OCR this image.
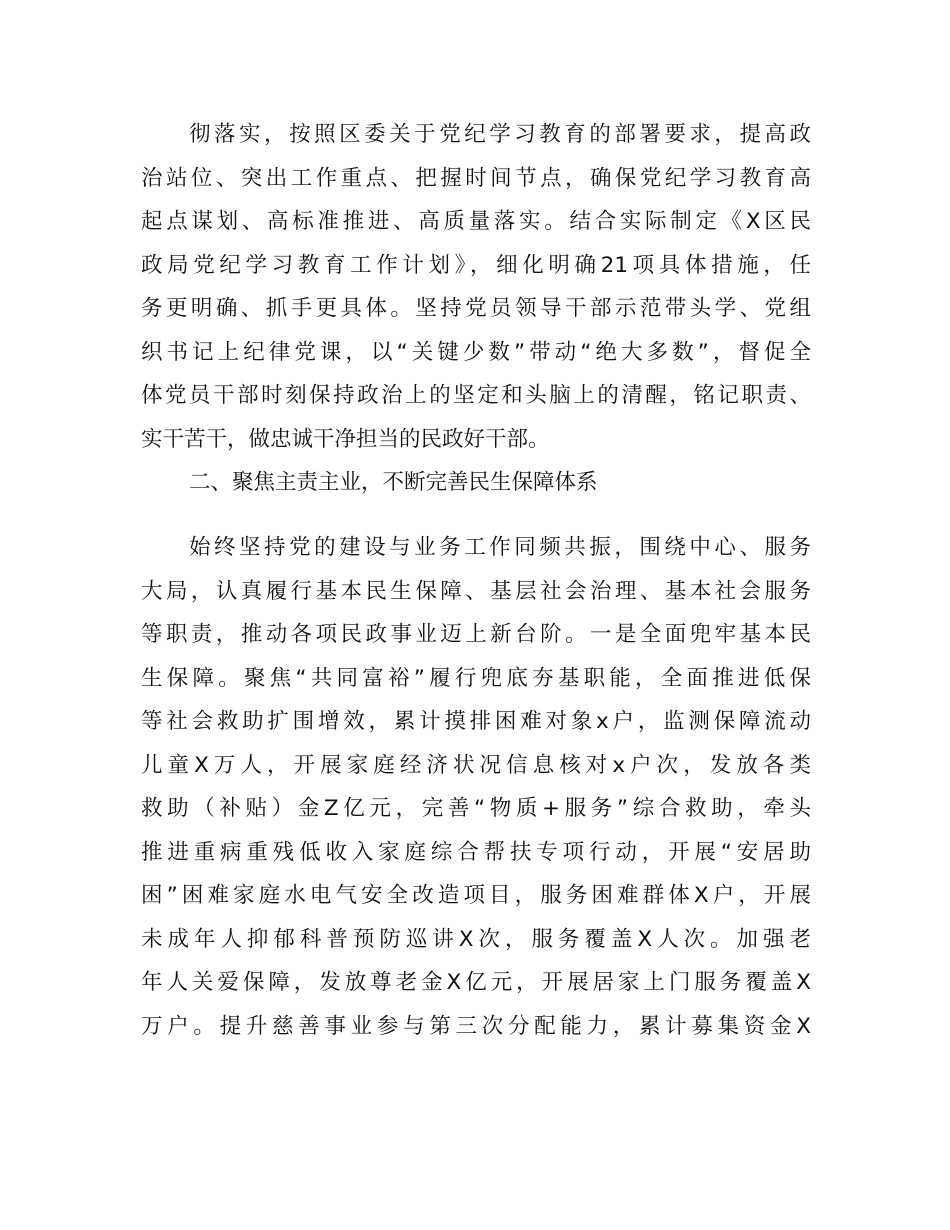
彻落实，按照区委关于党纪学习教育的部署要求，提高政
治站位、突出工作重点、把握时间节点，确保党纪学习教育高
起点谋划、高标准推进、高质量落实。结合实际制定《X区民
政局党纪学习教育工作计划》，细化明确21项具体措施，任
务更明确、抓手更具体。坚持党员领导干部示范带头学、党组
织书记上纪律党课，以“关键少数”带动“绝大多数”，督促全
体党员干部时刻保持政治上的坚定和头脑上的清醒，铭记职责、
实干苦干，做忠诚干净担当的民政好干部。
二、聚焦主责主业，不断完善民生保障体系
始终坚持党的建设与业务工作同频共振，围绕中心、服务
大局，认真履行基本民生保障、基层社会治理、基本社会服务
等职责，推动各项民政事业迈上新台阶。一是全面兜牢基本民
生保障。聚焦“共同富裕”履行兜底夯基职能，全面推进低保
等社会救助扩围增效，累计摸排困难对象x户，监测保障流动
儿童X万人，开展家庭经济状况信息核对x户次，发放各类
救助（补贴）金Z亿元，完善“物质+服务”综合救助，牵头
推进重病重残低收入家庭综合帮扶专项行动，开展“安居助
困”困难家庭水电气安全改造项目，服务困难群体X户，开展
未成年人抑郁科普预防巡讲X次，服务覆盖X人次。加强老
年人关爱保障，发放尊老金X亿元，开展居家上门服务覆盖X
万户。提升慈善事业参与第三次分配能力，累计募集资金X
